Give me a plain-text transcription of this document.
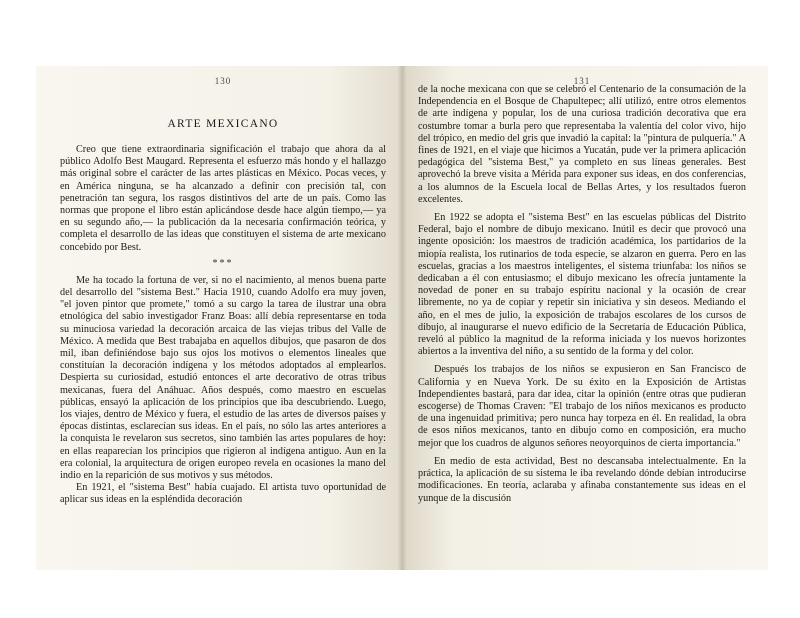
130
ARTE MEXICANO

Creo que tiene extraordinaria significación el trabajo que ahora da al público Adolfo Best Maugard. Representa el esfuerzo más hondo y el hallazgo más original sobre el carácter de las artes plásticas en México. Pocas veces, y en América ninguna, se ha alcanzado a definir con precisión tal, con penetración tan segura, los rasgos distintivos del arte de un país. Como las normas que propone el libro están aplicándose desde hace algún tiempo,— ya en su segundo año,— la publicación da la necesaria confirmación teórica, y completa el desarrollo de las ideas que constituyen el sistema de arte mexicano concebido por Best.

***

Me ha tocado la fortuna de ver, si no el nacimiento, al menos buena parte del desarrollo del "sistema Best." Hacia 1910, cuando Adolfo era muy joven, "el joven pintor que promete," tomó a su cargo la tarea de ilustrar una obra etnológica del sabio investigador Franz Boas: allí debía representarse en toda su minuciosa variedad la decoración arcaica de las viejas tribus del Valle de México. A medida que Best trabajaba en aquellos dibujos, que pasaron de dos mil, iban definiéndose bajo sus ojos los motivos o elementos lineales que constituían la decoración indígena y los métodos adoptados al emplearlos. Despierta su curiosidad, estudió entonces el arte decorativo de otras tribus mexicanas, fuera del Anáhuac. Años después, como maestro en escuelas públicas, ensayó la aplicación de los principios que iba descubriendo. Luego, los viajes, dentro de México y fuera, el estudio de las artes de diversos países y épocas distintas, esclarecían sus ideas. En el país, no sólo las artes anteriores a la conquista le revelaron sus secretos, sino también las artes populares de hoy: en ellas reaparecían los principios que rigieron al indígena antiguo. Aun en la era colonial, la arquitectura de origen europeo revela en ocasiones la mano del indio en la reparición de sus motivos y sus métodos.

En 1921, el "sistema Best" había cuajado. El artista tuvo oportunidad de aplicar sus ideas en la espléndida decoración

131

de la noche mexicana con que se celebró el Centenario de la consumación de la Independencia en el Bosque de Chapultepec; allí utilizó, entre otros elementos de arte indígena y popular, los de una curiosa tradición decorativa que era costumbre tomar a burla pero que representaba la valentía del color vivo, hijo del trópico, en medio del gris que invadió la capital: la "pintura de pulquería." A fines de 1921, en el viaje que hicimos a Yucatán, pude ver la primera aplicación pedagógica del "sistema Best," ya completo en sus líneas generales. Best aprovechó la breve visita a Mérida para exponer sus ideas, en dos conferencias, a los alumnos de la Escuela local de Bellas Artes, y los resultados fueron excelentes.

En 1922 se adopta el "sistema Best" en las escuelas públicas del Distrito Federal, bajo el nombre de dibujo mexicano. Inútil es decir que provocó una ingente oposición: los maestros de tradición académica, los partidarios de la miopía realista, los rutinarios de toda especie, se alzaron en guerra. Pero en las escuelas, gracias a los maestros inteligentes, el sistema triunfaba: los niños se dedicaban a él con entusiasmo; el dibujo mexicano les ofrecía juntamente la novedad de poner en su trabajo espíritu nacional y la ocasión de crear libremente, no ya de copiar y repetir sin iniciativa y sin deseos. Mediando el año, en el mes de julio, la exposición de trabajos escolares de los cursos de dibujo, al inaugurarse el nuevo edificio de la Secretaría de Educación Pública, reveló al público la magnitud de la reforma iniciada y los nuevos horizontes abiertos a la inventiva del niño, a su sentido de la forma y del color.

Después los trabajos de los niños se expusieron en San Francisco de California y en Nueva York. De su éxito en la Exposición de Artistas Independientes bastará, para dar idea, citar la opinión (entre otras que pudieran escogerse) de Thomas Craven: "El trabajo de los niños mexicanos es producto de una ingenuidad primitiva; pero nunca hay torpeza en él. En realidad, la obra de esos niños mexicanos, tanto en dibujo como en composición, era mucho mejor que los cuadros de algunos señores neoyorquinos de cierta importancia."

En medio de esta actividad, Best no descansaba intelectualmente. En la práctica, la aplicación de su sistema le iba revelando dónde debían introducirse modificaciones. En teoría, aclaraba y afinaba constantemente sus ideas en el yunque de la discusión
